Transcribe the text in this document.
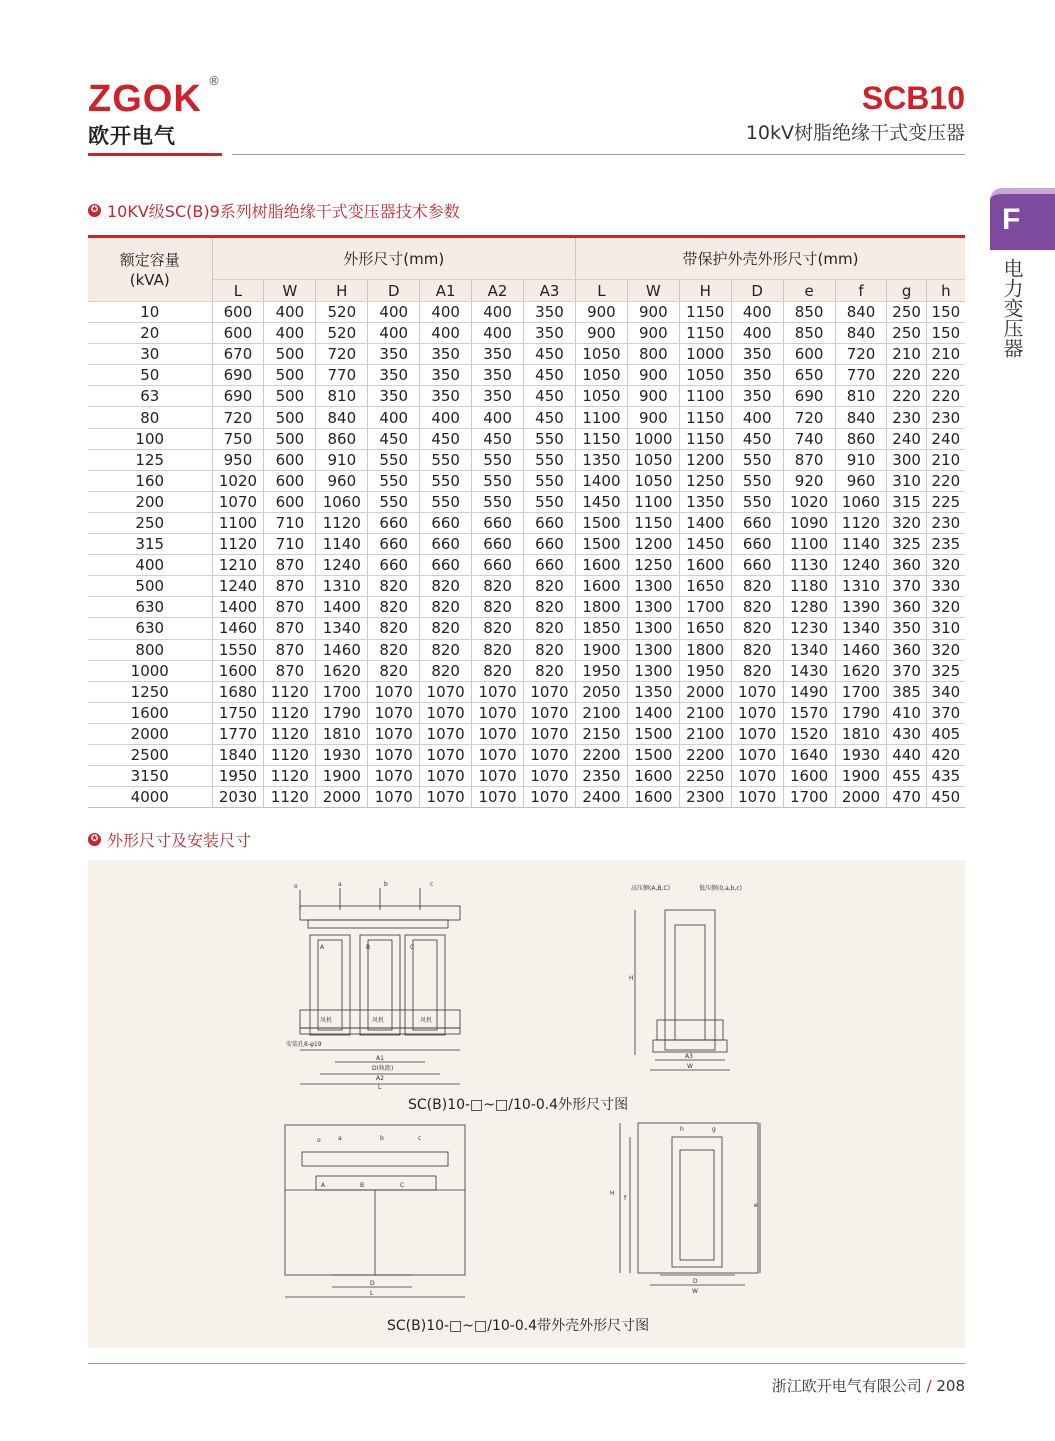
ZGOK ®
欧开电气
SCB10
10kV树脂绝缘干式变压器
F
电力变压器
✪ 10KV级SC(B)9系列树脂绝缘干式变压器技术参数
额定容量
(kVA)	外形尺寸(mm)							带保护外壳外形尺寸(mm)							
	L	W	H	D	A1	A2	A3	L	W	H	D	e	f	g	h
10	600	400	520	400	400	400	350	900	900	1150	400	850	840	250	150
20	600	400	520	400	400	400	350	900	900	1150	400	850	840	250	150
30	670	500	720	350	350	350	450	1050	800	1000	350	600	720	210	210
50	690	500	770	350	350	350	450	1050	900	1050	350	650	770	220	220
63	690	500	810	350	350	350	450	1050	900	1100	350	690	810	220	220
80	720	500	840	400	400	400	450	1100	900	1150	400	720	840	230	230
100	750	500	860	450	450	450	550	1150	1000	1150	450	740	860	240	240
125	950	600	910	550	550	550	550	1350	1050	1200	550	870	910	300	210
160	1020	600	960	550	550	550	550	1400	1050	1250	550	920	960	310	220
200	1070	600	1060	550	550	550	550	1450	1100	1350	550	1020	1060	315	225
250	1100	710	1120	660	660	660	660	1500	1150	1400	660	1090	1120	320	230
315	1120	710	1140	660	660	660	660	1500	1200	1450	660	1100	1140	325	235
400	1210	870	1240	660	660	660	660	1600	1250	1600	660	1130	1240	360	320
500	1240	870	1310	820	820	820	820	1600	1300	1650	820	1180	1310	370	330
630	1400	870	1400	820	820	820	820	1800	1300	1700	820	1280	1390	360	320
630	1460	870	1340	820	820	820	820	1850	1300	1650	820	1230	1340	350	310
800	1550	870	1460	820	820	820	820	1900	1300	1800	820	1340	1460	360	320
1000	1600	870	1620	820	820	820	820	1950	1300	1950	820	1430	1620	370	325
1250	1680	1120	1700	1070	1070	1070	1070	2050	1350	2000	1070	1490	1700	385	340
1600	1750	1120	1790	1070	1070	1070	1070	2100	1400	2100	1070	1570	1790	410	370
2000	1770	1120	1810	1070	1070	1070	1070	2150	1500	2100	1070	1520	1810	430	405
2500	1840	1120	1930	1070	1070	1070	1070	2200	1500	2200	1070	1640	1930	440	420
3150	1950	1120	1900	1070	1070	1070	1070	2350	1600	2250	1070	1600	1900	455	435
4000	2030	1120	2000	1070	1070	1070	1070	2400	1600	2300	1070	1700	2000	470	450
✪ 外形尺寸及安装尺寸
o	a	b	c
A	B	C
风机	风机	风机
安装孔8-φ19
A1
D(轨距)
A2
L
高压侧(A,B,C)	低压侧(0,a,b,c)
H
A3
W
SC(B)10-□~□/10-0.4外形尺寸图
o	a	b	c
A	B	C
D
L
h	g
H
f
e
D
W
SC(B)10-□~□/10-0.4带外壳外形尺寸图
浙江欧开电气有限公司 / 208
